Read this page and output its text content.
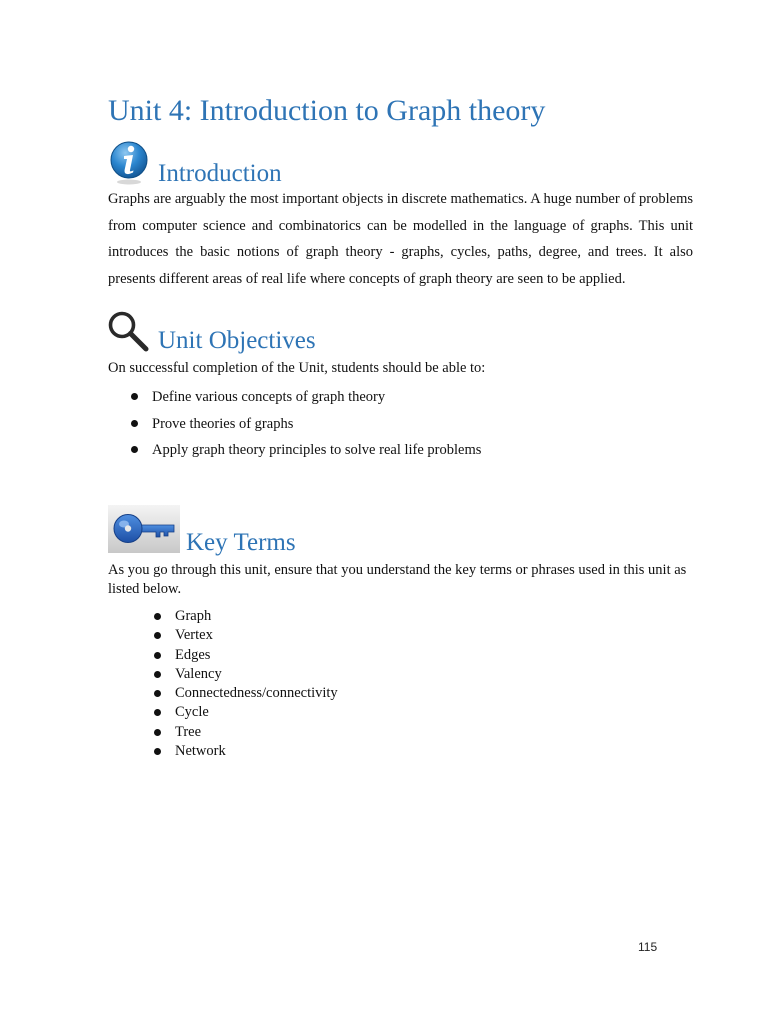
Unit 4: Introduction to Graph theory
Introduction

Graphs are arguably the most important objects in discrete mathematics. A huge number of problems from computer science and combinatorics can be modelled in the language of graphs. This unit introduces the basic notions of graph theory - graphs, cycles, paths, degree, and trees. It also presents different areas of real life where concepts of graph theory are seen to be applied.

Unit Objectives

On successful completion of the Unit, students should be able to:

Define various concepts of graph theory
Prove theories of graphs
Apply graph theory principles to solve real life problems
Key Terms

As you go through this unit, ensure that you understand the key terms or phrases used in this unit as listed below.

Graph
Vertex
Edges
Valency
Connectedness/connectivity
Cycle
Tree
Network

115
